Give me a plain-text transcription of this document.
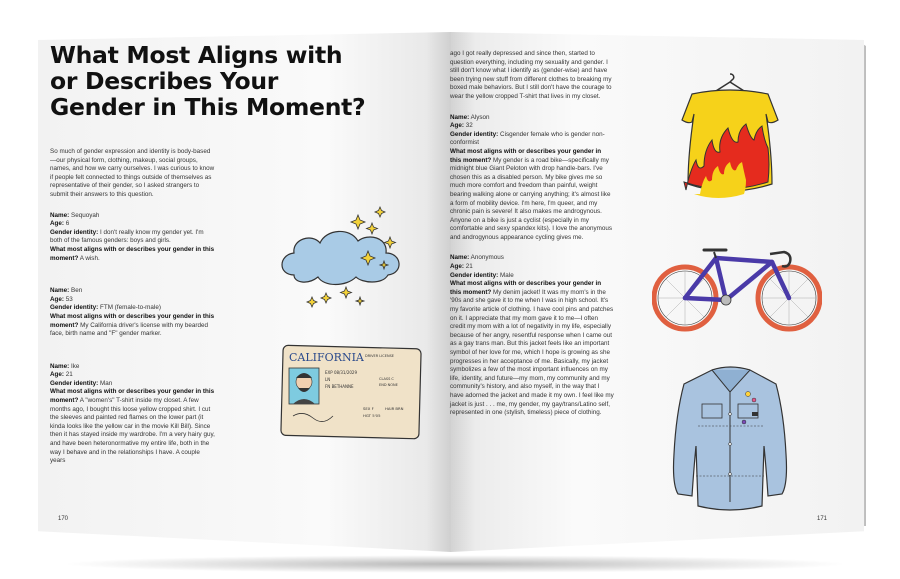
What Most Aligns with or Describes Your Gender in This Moment?

So much of gender expression and identity is body-based—our physical form, clothing, makeup, social groups, names, and how we carry ourselves. I was curious to know if people felt connected to things outside of themselves as representative of their gender, so I asked strangers to submit their answers to this question.

Name: Sequoyah
Age: 6
Gender identity: I don't really know my gender yet. I'm both of the famous genders: boys and girls.
What most aligns with or describes your gender in this moment? A wish.

Name: Ben
Age: 53
Gender identity: FTM (female-to-male)
What most aligns with or describes your gender in this moment? My California driver's license with my bearded face, birth name and "F" gender marker.

Name: Ike
Age: 21
Gender identity: Man
What most aligns with or describes your gender in this moment? A "women's" T-shirt inside my closet. A few months ago, I bought this loose yellow cropped shirt. I cut the sleeves and painted red flames on the lower part (it kinda looks like the yellow car in the movie Kill Bill). Since then it has stayed inside my wardrobe. I'm a very hairy guy, and have been heteronormative my entire life, both in the way I behave and in the relationships I have. A couple years

170
CALIFORNIA DRIVER LICENSE
EXP 08/31/2029
LN
FN BETHANNE
CLASS C
END NONE
SEX F	HAIR BRN
HGT 5'05

ago I got really depressed and since then, started to question everything, including my sexuality and gender. I still don't know what I identify as (gender-wise) and have been trying new stuff from different clothes to breaking my boxed male behaviors. But I still don't have the courage to wear the yellow cropped T-shirt that lives in my closet.

Name: Alyson
Age: 32
Gender identity: Cisgender female who is gender non-conformist
What most aligns with or describes your gender in this moment? My gender is a road bike—specifically my midnight blue Giant Peloton with drop handle-bars. I've chosen this as a disabled person. My bike gives me so much more comfort and freedom than painful, weight bearing walking alone or carrying anything; it's almost like a form of mobility device. I'm here, I'm queer, and my chronic pain is severe! It also makes me androgynous. Anyone on a bike is just a cyclist (especially in my comfortable and sexy spandex kits). I love the anonymous and androgynous appearance cycling gives me.

Name: Anonymous
Age: 21
Gender identity: Male
What most aligns with or describes your gender in this moment? My denim jacket! It was my mom's in the '90s and she gave it to me when I was in high school. It's my favorite article of clothing. I have cool pins and patches on it. I appreciate that my mom gave it to me—I often credit my mom with a lot of negativity in my life, especially because of her angry, resentful response when I came out as a gay trans man. But this jacket feels like an important symbol of her love for me, which I hope is growing as she progresses in her acceptance of me. Basically, my jacket symbolizes a few of the most important influences on my life, identity, and future—my mom, my community and my community's history, and also myself, in the way that I have adorned the jacket and made it my own. I feel like my jacket is just . . . me, my gender, my gay/trans/Latino self, represented in one (stylish, timeless) piece of clothing.

171
